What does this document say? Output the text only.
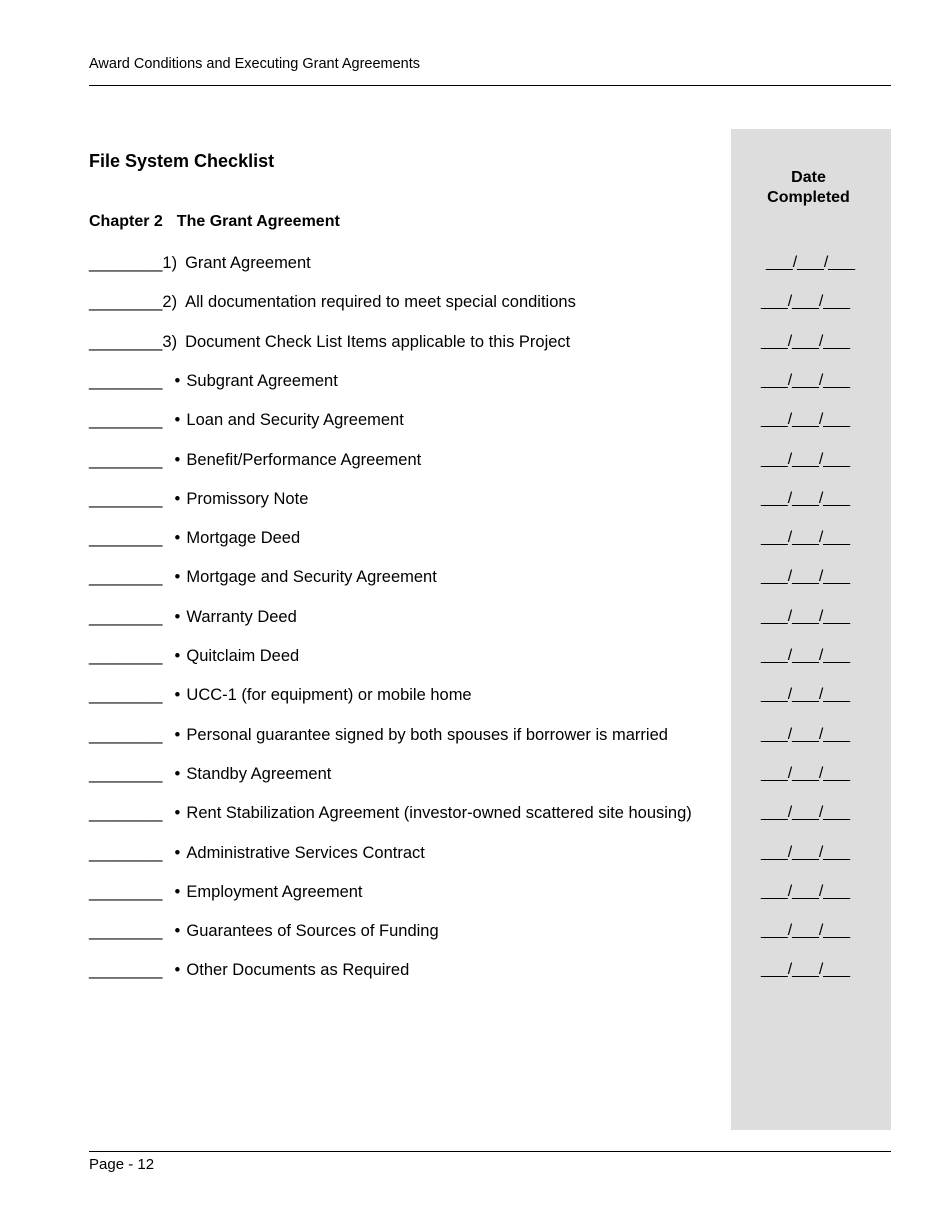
Award Conditions and Executing Grant Agreements
Date
Completed
File System Checklist
Chapter 2 The Grant Agreement
________1) Grant Agreement	___/___/___
________2) All documentation required to meet special conditions	___/___/___
________3) Document Check List Items applicable to this Project	___/___/___
________ • Subgrant Agreement	___/___/___
________ • Loan and Security Agreement	___/___/___
________ • Benefit/Performance Agreement	___/___/___
________ • Promissory Note	___/___/___
________ • Mortgage Deed	___/___/___
________ • Mortgage and Security Agreement	___/___/___
________ • Warranty Deed	___/___/___
________ • Quitclaim Deed	___/___/___
________ • UCC-1 (for equipment) or mobile home	___/___/___
________ • Personal guarantee signed by both spouses if borrower is married	___/___/___
________ • Standby Agreement	___/___/___
________ • Rent Stabilization Agreement (investor-owned scattered site housing)	___/___/___
________ • Administrative Services Contract	___/___/___
________ • Employment Agreement	___/___/___
________ • Guarantees of Sources of Funding	___/___/___
________ • Other Documents as Required	___/___/___
Page - 12
